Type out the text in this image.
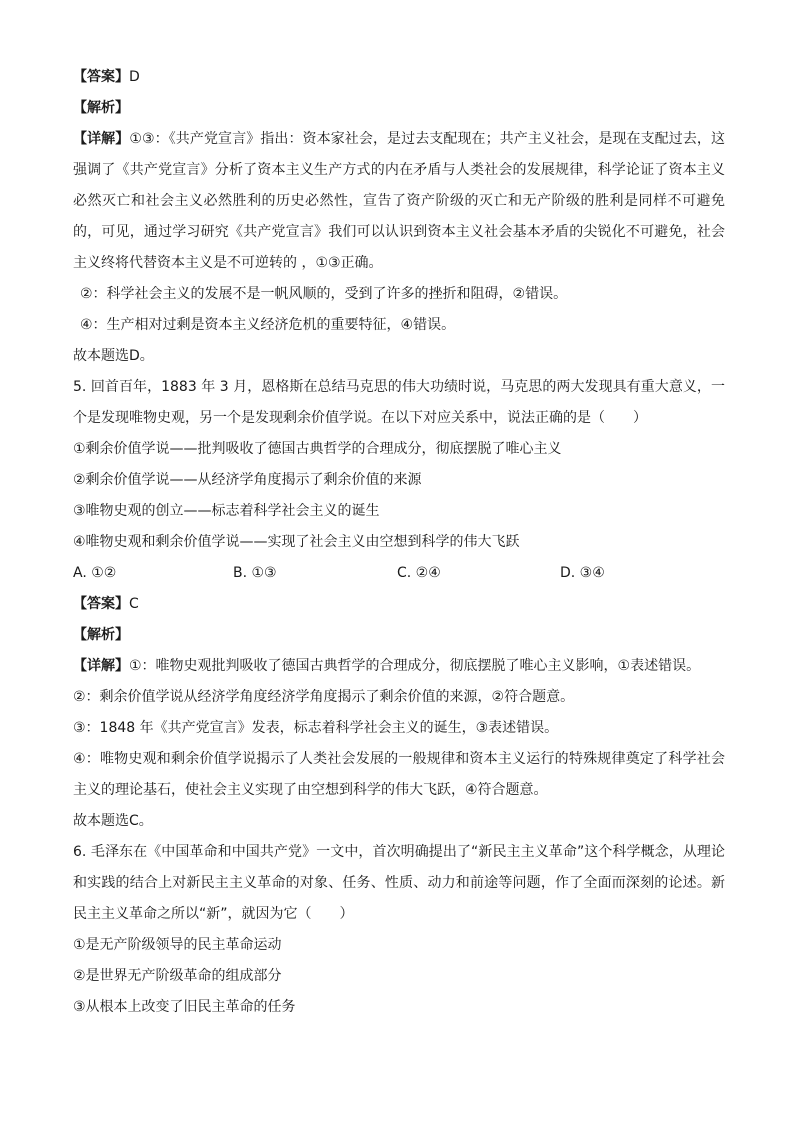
【答案】D
【解析】
【详解】①③：《共产党宣言》指出：资本家社会，是过去支配现在；共产主义社会，是现在支配过去，这强调了《共产党宣言》分析了资本主义生产方式的内在矛盾与人类社会的发展规律，科学论证了资本主义必然灭亡和社会主义必然胜利的历史必然性，宣告了资产阶级的灭亡和无产阶级的胜利是同样不可避免的，可见，通过学习研究《共产党宣言》我们可以认识到资本主义社会基本矛盾的尖锐化不可避免，社会主义终将代替资本主义是不可逆转的 ，①③正确。
②：科学社会主义的发展不是一帆风顺的，受到了许多的挫折和阻碍，②错误。
④：生产相对过剩是资本主义经济危机的重要特征，④错误。
故本题选D。
5. 回首百年，1883 年 3 月，恩格斯在总结马克思的伟大功绩时说，马克思的两大发现具有重大意义，一个是发现唯物史观，另一个是发现剩余价值学说。在以下对应关系中，说法正确的是（　　）
①剩余价值学说——批判吸收了德国古典哲学的合理成分，彻底摆脱了唯心主义
②剩余价值学说——从经济学角度揭示了剩余价值的来源
③唯物史观的创立——标志着科学社会主义的诞生
④唯物史观和剩余价值学说——实现了社会主义由空想到科学的伟大飞跃
A. ①②	B. ①③	C. ②④	D. ③④
【答案】C
【解析】
【详解】①：唯物史观批判吸收了德国古典哲学的合理成分，彻底摆脱了唯心主义影响，①表述错误。
②：剩余价值学说从经济学角度经济学角度揭示了剩余价值的来源，②符合题意。
③：1848 年《共产党宣言》发表，标志着科学社会主义的诞生，③表述错误。
④：唯物史观和剩余价值学说揭示了人类社会发展的一般规律和资本主义运行的特殊规律奠定了科学社会主义的理论基石，使社会主义实现了由空想到科学的伟大飞跃，④符合题意。
故本题选C。
6. 毛泽东在《中国革命和中国共产党》一文中，首次明确提出了“新民主主义革命”这个科学概念，从理论和实践的结合上对新民主主义革命的对象、任务、性质、动力和前途等问题，作了全面而深刻的论述。新民主主义革命之所以“新”，就因为它（　　）
①是无产阶级领导的民主革命运动
②是世界无产阶级革命的组成部分
③从根本上改变了旧民主革命的任务
